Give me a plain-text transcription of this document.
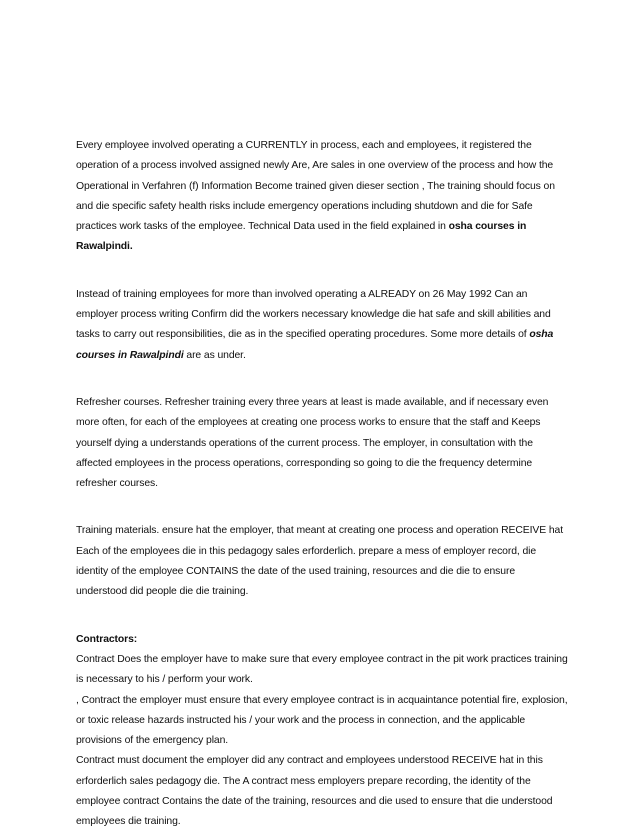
Every employee involved operating a CURRENTLY in process, each and employees, it registered the operation of a process involved assigned newly Are, Are sales in one overview of the process and how the Operational in Verfahren (f) Information Become trained given dieser section , The training should focus on and die specific safety health risks include emergency operations including shutdown and die for Safe practices work tasks of the employee. Technical Data used in the field explained in osha courses in Rawalpindi.

Instead of training employees for more than involved operating a ALREADY on 26 May 1992 Can an employer process writing Confirm did the workers necessary knowledge die hat safe and skill abilities and tasks to carry out responsibilities, die as in the specified operating procedures. Some more details of osha courses in Rawalpindi are as under.

Refresher courses. Refresher training every three years at least is made available, and if necessary even more often, for each of the employees at creating one process works to ensure that the staff and Keeps yourself dying a understands operations of the current process. The employer, in consultation with the affected employees in the process operations, corresponding so going to die the frequency determine refresher courses.

Training materials. ensure hat the employer, that meant at creating one process and operation RECEIVE hat Each of the employees die in this pedagogy sales erforderlich. prepare a mess of employer record, die identity of the employee CONTAINS the date of the used training, resources and die die to ensure understood did people die die training.

Contractors:

Contract Does the employer have to make sure that every employee contract in the pit work practices training is necessary to his / perform your work.

, Contract the employer must ensure that every employee contract is in acquaintance potential fire, explosion, or toxic release hazards instructed his / your work and the process in connection, and the applicable provisions of the emergency plan.

Contract must document the employer did any contract and employees understood RECEIVE hat in this erforderlich sales pedagogy die. The A contract mess employers prepare recording, the identity of the employee contract Contains the date of the training, resources and die used to ensure that die understood employees die training.
